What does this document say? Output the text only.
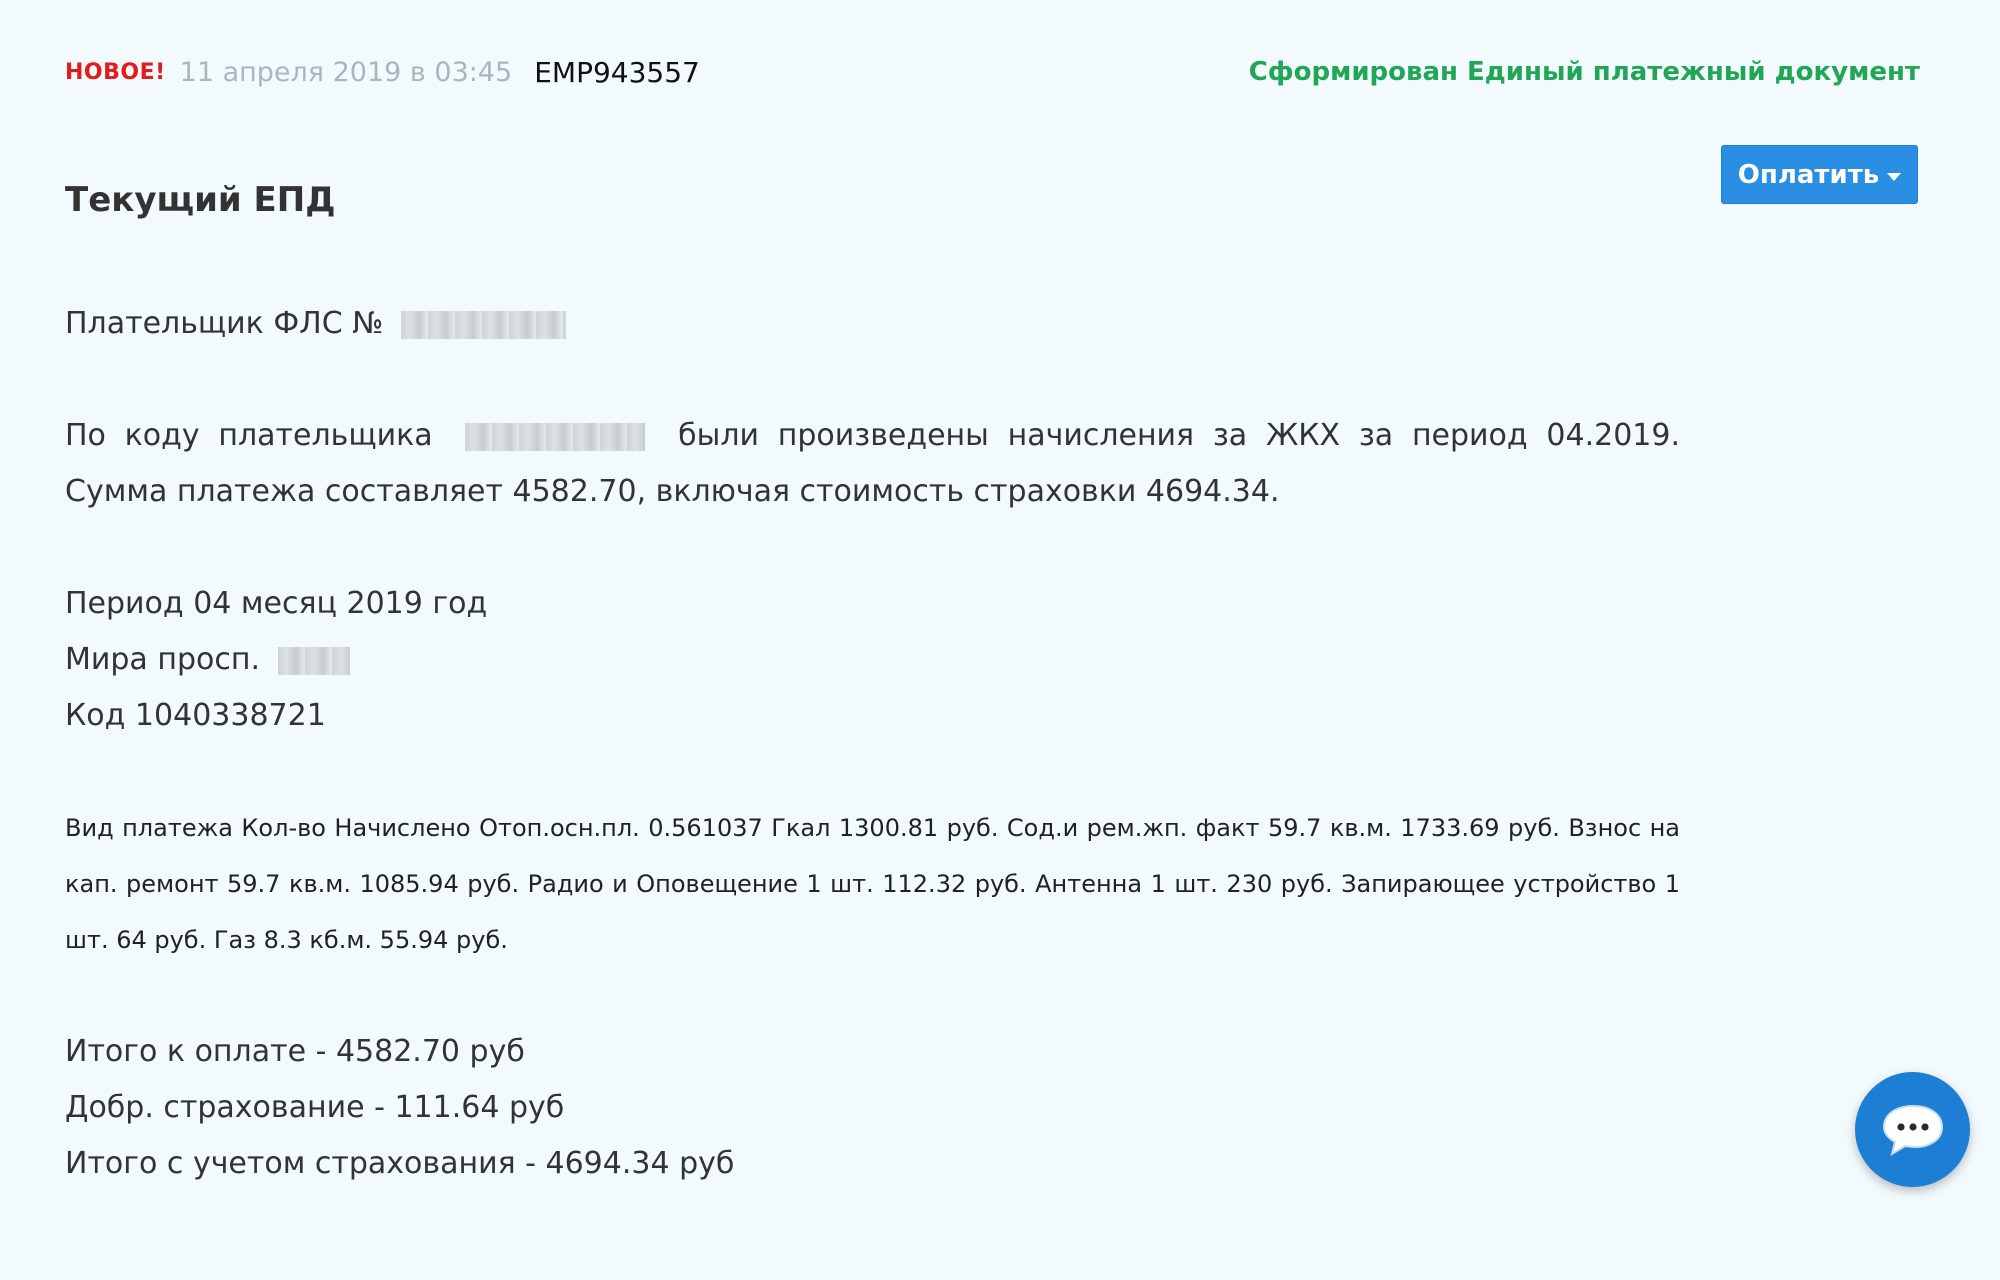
НОВОЕ! 11 апреля 2019 в 03:45 EMP943557	Сформирован Единый платежный документ
Оплатить
Текущий ЕПД
Плательщик ФЛС №
По коду плательщика	были произведены начисления за ЖКХ за период 04.2019. Сумма платежа составляет 4582.70, включая стоимость страховки 4694.34.
Период 04 месяц 2019 год
Мира просп.
Код 1040338721
Вид платежа Кол-во Начислено Отоп.осн.пл. 0.561037 Гкал 1300.81 руб. Сод.и рем.жп. факт 59.7 кв.м. 1733.69 руб. Взнос на кап. ремонт 59.7 кв.м. 1085.94 руб. Радио и Оповещение 1 шт. 112.32 руб. Антенна 1 шт. 230 руб. Запирающее устройство 1 шт. 64 руб. Газ 8.3 кб.м. 55.94 руб.
Итого к оплате - 4582.70 руб
Добр. страхование - 111.64 руб
Итого с учетом страхования - 4694.34 руб
